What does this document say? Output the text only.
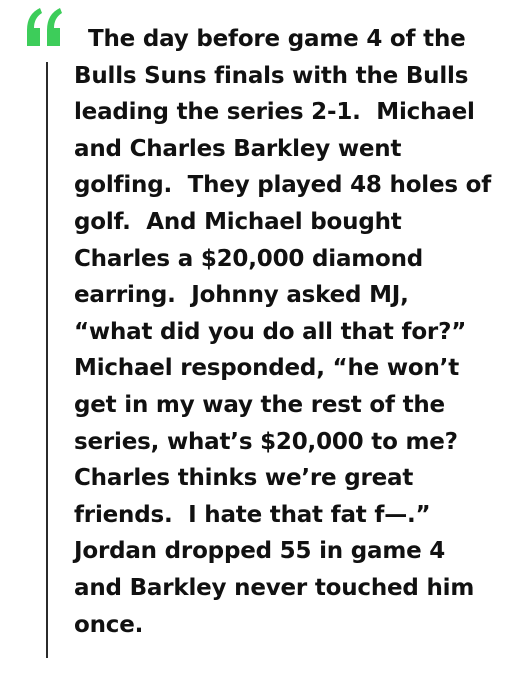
The day before game 4 of the
Bulls Suns finals with the Bulls
leading the series 2-1.  Michael
and Charles Barkley went
golfing.  They played 48 holes of
golf.  And Michael bought
Charles a $20,000 diamond
earring.  Johnny asked MJ,
“what did you do all that for?”
Michael responded, “he won’t
get in my way the rest of the
series, what’s $20,000 to me?
Charles thinks we’re great
friends.  I hate that fat f—.”
Jordan dropped 55 in game 4
and Barkley never touched him
once.
